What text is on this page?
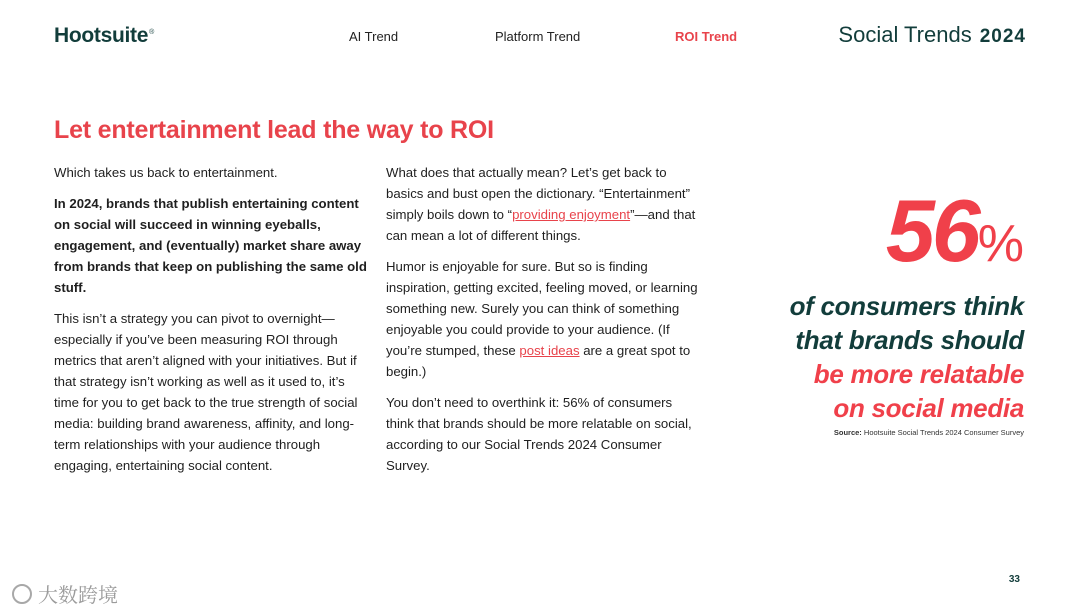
Hootsuite®	AI Trend	Platform Trend	ROI Trend	Social Trends 2024
Let entertainment lead the way to ROI

Which takes us back to entertainment.

In 2024, brands that publish entertaining content on social will succeed in winning eyeballs, engagement, and (eventually) market share away from brands that keep on publishing the same old stuff.

This isn’t a strategy you can pivot to overnight—especially if you’ve been measuring ROI through metrics that aren’t aligned with your initiatives. But if that strategy isn’t working as well as it used to, it’s time for you to get back to the true strength of social media: building brand awareness, affinity, and long-term relationships with your audience through engaging, entertaining social content.

What does that actually mean? Let’s get back to basics and bust open the dictionary. “Entertainment” simply boils down to “providing enjoyment”—and that can mean a lot of different things.

Humor is enjoyable for sure. But so is finding inspiration, getting excited, feeling moved, or learning something new. Surely you can think of something enjoyable you could provide to your audience. (If you’re stumped, these post ideas are a great spot to begin.)

You don’t need to overthink it: 56% of consumers think that brands should be more relatable on social, according to our Social Trends 2024 Consumer Survey.

56%
of consumers think
that brands should
be more relatable
on social media
Source: Hootsuite Social Trends 2024 Consumer Survey
33
大数跨境
